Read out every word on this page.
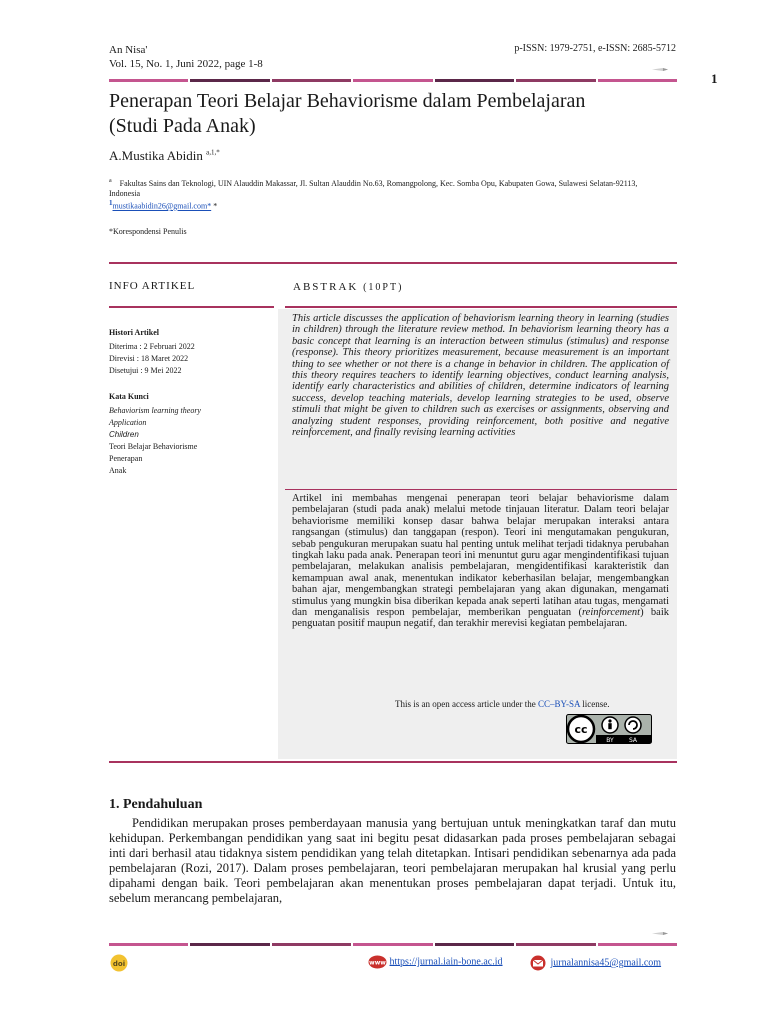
An Nisa'
Vol. 15, No. 1, Juni 2022, page 1-8
p-ISSN: 1979-2751, e-ISSN: 2685-5712
1
Penerapan Teori Belajar Behaviorisme dalam Pembelajaran
(Studi Pada Anak)
A.Mustika Abidin $^{a,1,*}$
$^a$ Fakultas Sains dan Teknologi, UIN Alauddin Makassar, Jl. Sultan Alauddin No.63, Romangpolong, Kec. Somba Opu, Kabupaten Gowa, Sulawesi Selatan-92113, Indonesia
$^1$mustikaabidin26@gmail.com* *
*Korespondensi Penulis
INFO ARTIKEL
Histori Artikel
Diterima : 2 Februari 2022
Direvisi : 18 Maret 2022
Disetujui : 9 Mei 2022
Kata Kunci
Behaviorism learning theory
Application
Children
Teori Belajar Behaviorisme
Penerapan
Anak
ABSTRAK (10PT)
This article discusses the application of behaviorism learning theory in learning (studies in children) through the literature review method. In behaviorism learning theory has a basic concept that learning is an interaction between stimulus (stimulus) and response (response). This theory prioritizes measurement, because measurement is an important thing to see whether or not there is a change in behavior in children. The application of this theory requires teachers to identify learning objectives, conduct learning analysis, identify early characteristics and abilities of children, determine indicators of learning success, develop teaching materials, develop learning strategies to be used, observe stimuli that might be given to children such as exercises or assignments, observing and analyzing student responses, providing reinforcement, both positive and negative reinforcement, and finally revising learning activities
Artikel ini membahas mengenai penerapan teori belajar behaviorisme dalam pembelajaran (studi pada anak) melalui metode tinjauan literatur. Dalam teori belajar behaviorisme memiliki konsep dasar bahwa belajar merupakan interaksi antara rangsangan (stimulus) dan tanggapan (respon). Teori ini mengutamakan pengukuran, sebab pengukuran merupakan suatu hal penting untuk melihat terjadi tidaknya perubahan tingkah laku pada anak. Penerapan teori ini menuntut guru agar mengindentifikasi tujuan pembelajaran, melakukan analisis pembelajaran, mengidentifikasi karakteristik dan kemampuan awal anak, menentukan indikator keberhasilan belajar, mengembangkan bahan ajar, mengembangkan strategi pembelajaran yang akan digunakan, mengamati stimulus yang mungkin bisa diberikan kepada anak seperti latihan atau tugas, mengamati dan menganalisis respon pembelajar, memberikan penguatan (reinforcement) baik penguatan positif maupun negatif, dan terakhir merevisi kegiatan pembelajaran.
This is an open access article under the CC–BY-SA license.
cc
BY	SA
1. Pendahuluan
Pendidikan merupakan proses pemberdayaan manusia yang bertujuan untuk meningkatkan taraf dan mutu kehidupan. Perkembangan pendidikan yang saat ini begitu pesat didasarkan pada proses pembelajaran sebagai inti dari berhasil atau tidaknya sistem pendidikan yang telah ditetapkan. Intisari pendidikan sebenarnya ada pada pembelajaran (Rozi, 2017). Dalam proses pembelajaran, teori pembelajaran merupakan hal krusial yang perlu dipahami dengan baik. Teori pembelajaran akan menentukan proses pembelajaran dapat terjadi. Untuk itu, sebelum merancang pembelajaran,
doi	www https://jurnal.iain-bone.ac.id	jurnalannisa45@gmail.com
